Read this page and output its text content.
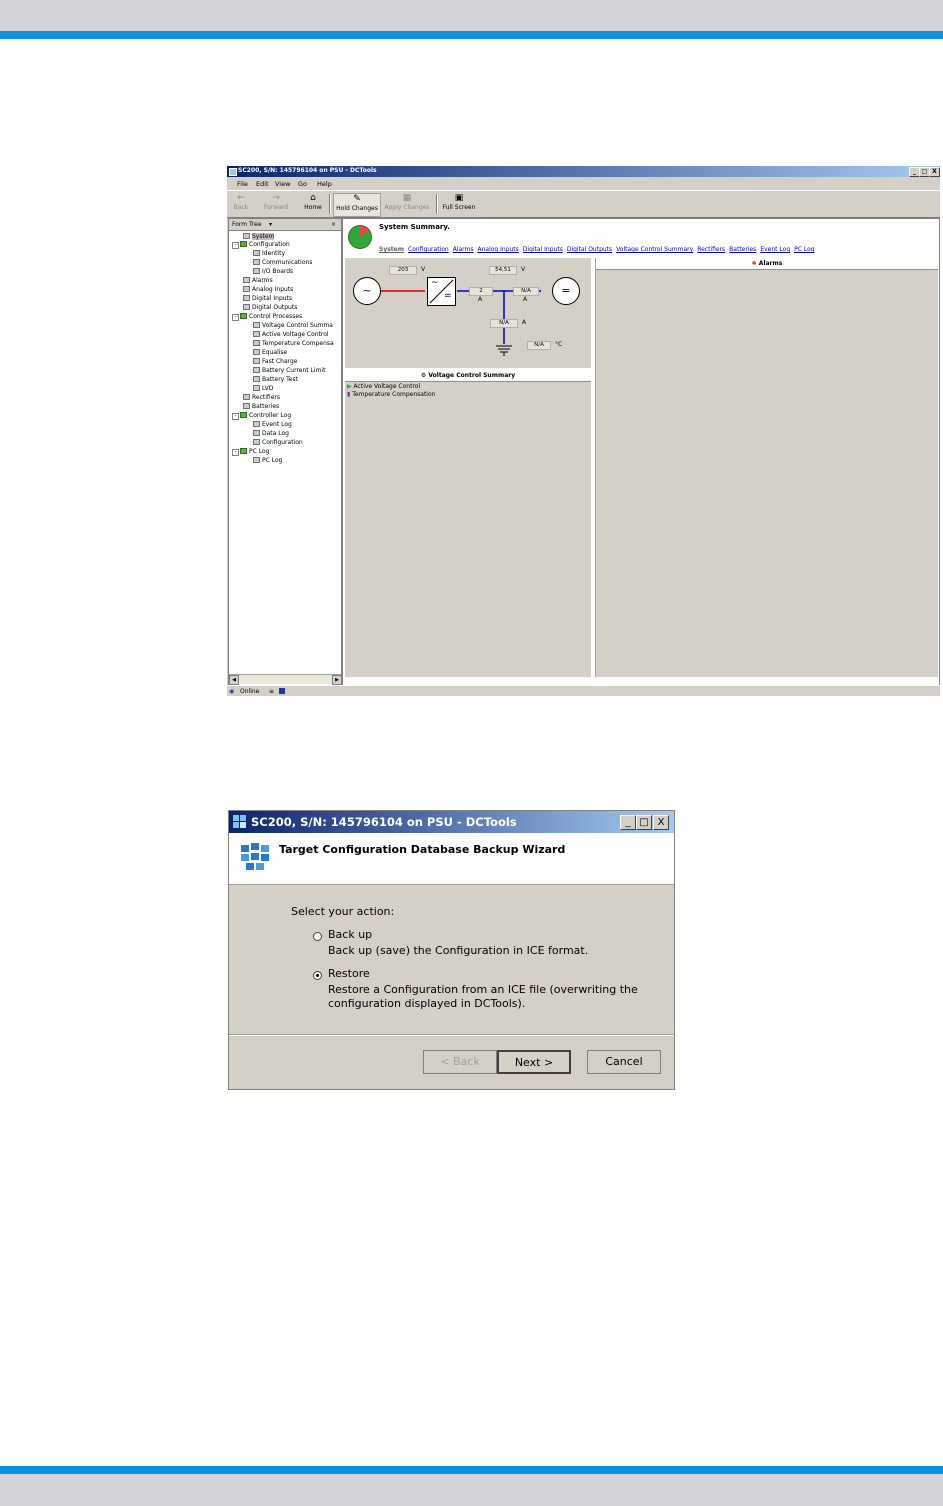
SC200, S/N: 145796104 on PSU - DCTools	_ □ X
File Edit View Go Help
←
Back
→
Forward
⌂
Home
✎
Hold Changes
▦
Apply Changes
▣
Full Screen
Form Tree ▾	×
System
- Configuration
Identity
Communications
I/O Boards
Alarms
Analog Inputs
Digital Inputs
Digital Outputs
- Control Processes
Voltage Control Summa
Active Voltage Control
Temperature Compensa
Equalise
Fast Charge
Battery Current Limit
Battery Test
LVD
Rectifiers
Batteries
- Controller Log
Event Log
Data Log
Configuration
- PC Log
PC Log
◀	▶
System Summary.
System Configuration Alarms Analog Inputs Digital Inputs Digital Outputs Voltage Control Summary Rectifiers Batteries Event Log PC Log
203	V	54,51	V
~
~
=	2
A
N/A
A
=
N/A	A
N/A	°C
⚙ Voltage Control Summary
▶ Active Voltage Control
▮ Temperature Compensation
✱ Alarms
◉ Online ≡
SC200, S/N: 145796104 on PSU - DCTools	_ □ X
Target Configuration Database Backup Wizard
Select your action:
Back up
Back up (save) the Configuration in ICE format.
Restore
Restore a Configuration from an ICE file (overwriting the configuration displayed in DCTools).
< Back	Next >	Cancel
